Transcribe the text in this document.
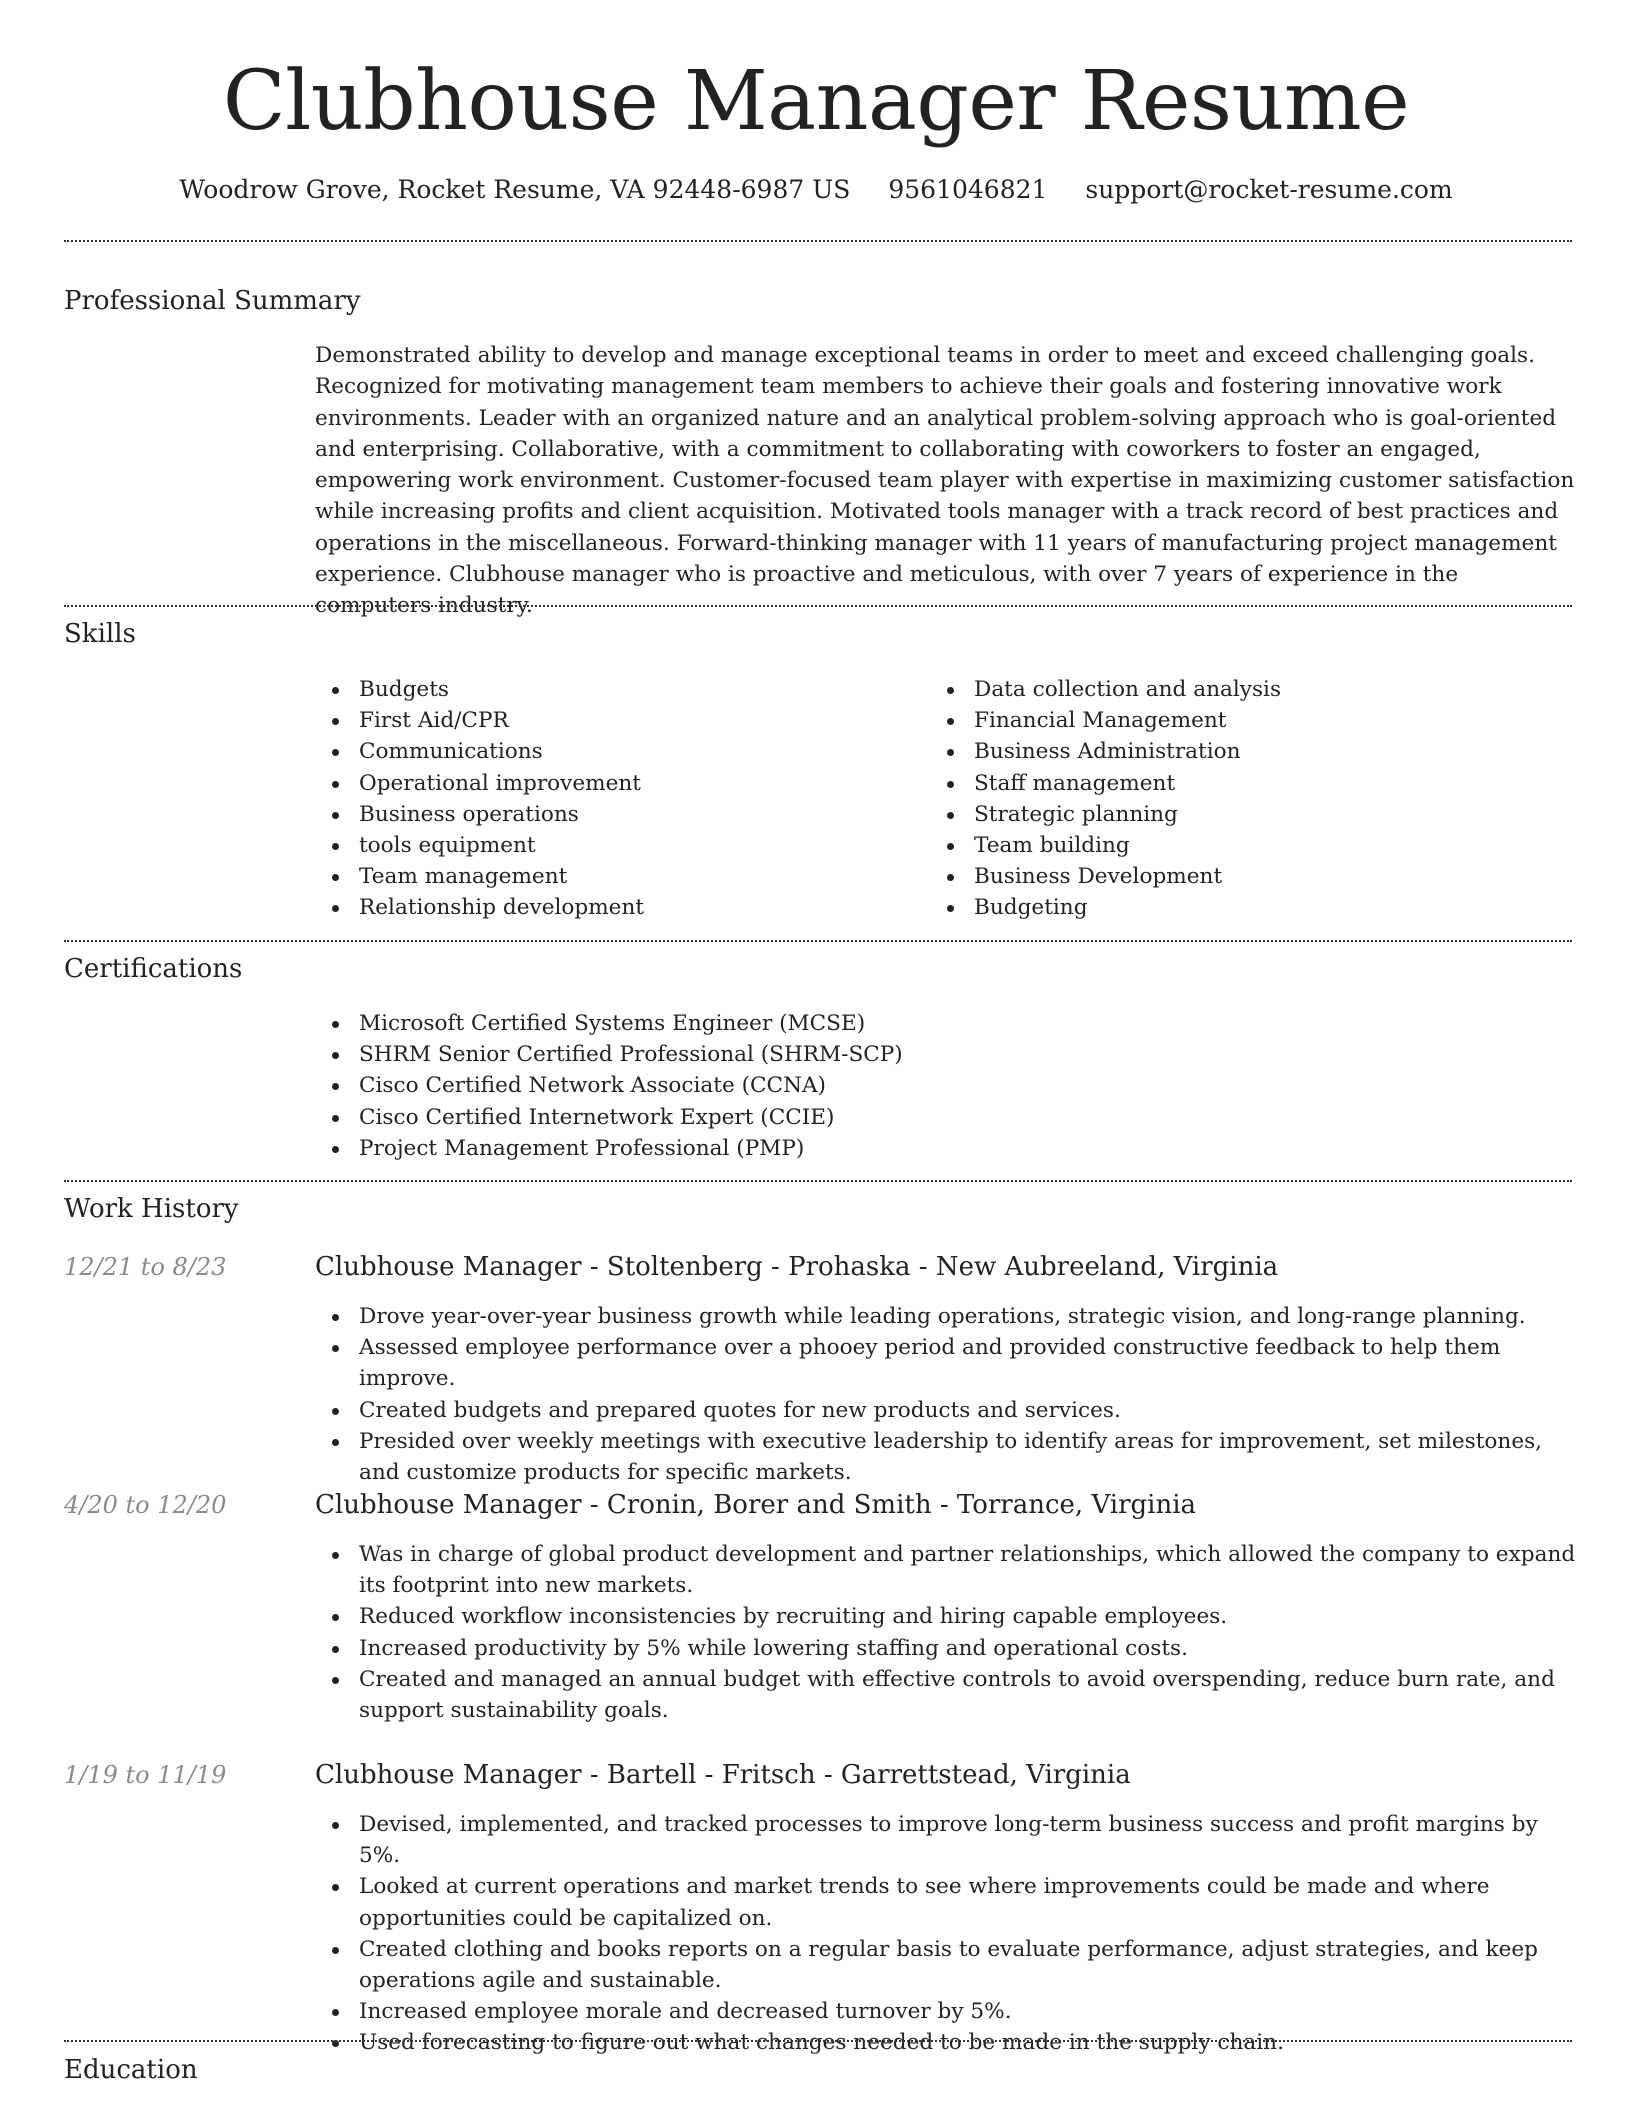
Clubhouse Manager Resume
Woodrow Grove, Rocket Resume, VA 92448-6987 US 9561046821 support@rocket-resume.com
Professional Summary

Demonstrated ability to develop and manage exceptional teams in order to meet and exceed challenging goals. Recognized for motivating management team members to achieve their goals and fostering innovative work environments. Leader with an organized nature and an analytical problem-solving approach who is goal-oriented and enterprising. Collaborative, with a commitment to collaborating with coworkers to foster an engaged, empowering work environment. Customer-focused team player with expertise in maximizing customer satisfaction while increasing profits and client acquisition. Motivated tools manager with a track record of best practices and operations in the miscellaneous. Forward-thinking manager with 11 years of manufacturing project management experience. Clubhouse manager who is proactive and meticulous, with over 7 years of experience in the computers industry.

Skills
Budgets
First Aid/CPR
Communications
Operational improvement
Business operations
tools equipment
Team management
Relationship development
Data collection and analysis
Financial Management
Business Administration
Staff management
Strategic planning
Team building
Business Development
Budgeting
Certifications
Microsoft Certified Systems Engineer (MCSE)
SHRM Senior Certified Professional (SHRM-SCP)
Cisco Certified Network Associate (CCNA)
Cisco Certified Internetwork Expert (CCIE)
Project Management Professional (PMP)
Work History
12/21 to 8/23	Clubhouse Manager - Stoltenberg - Prohaska - New Aubreeland, Virginia
Drove year-over-year business growth while leading operations, strategic vision, and long-range planning.
Assessed employee performance over a phooey period and provided constructive feedback to help them improve.
Created budgets and prepared quotes for new products and services.
Presided over weekly meetings with executive leadership to identify areas for improvement, set milestones, and customize products for specific markets.
4/20 to 12/20	Clubhouse Manager - Cronin, Borer and Smith - Torrance, Virginia
Was in charge of global product development and partner relationships, which allowed the company to expand its footprint into new markets.
Reduced workflow inconsistencies by recruiting and hiring capable employees.
Increased productivity by 5% while lowering staffing and operational costs.
Created and managed an annual budget with effective controls to avoid overspending, reduce burn rate, and support sustainability goals.
1/19 to 11/19	Clubhouse Manager - Bartell - Fritsch - Garrettstead, Virginia
Devised, implemented, and tracked processes to improve long-term business success and profit margins by 5%.
Looked at current operations and market trends to see where improvements could be made and where opportunities could be capitalized on.
Created clothing and books reports on a regular basis to evaluate performance, adjust strategies, and keep operations agile and sustainable.
Increased employee morale and decreased turnover by 5%.
Used forecasting to figure out what changes needed to be made in the supply chain.
Education
